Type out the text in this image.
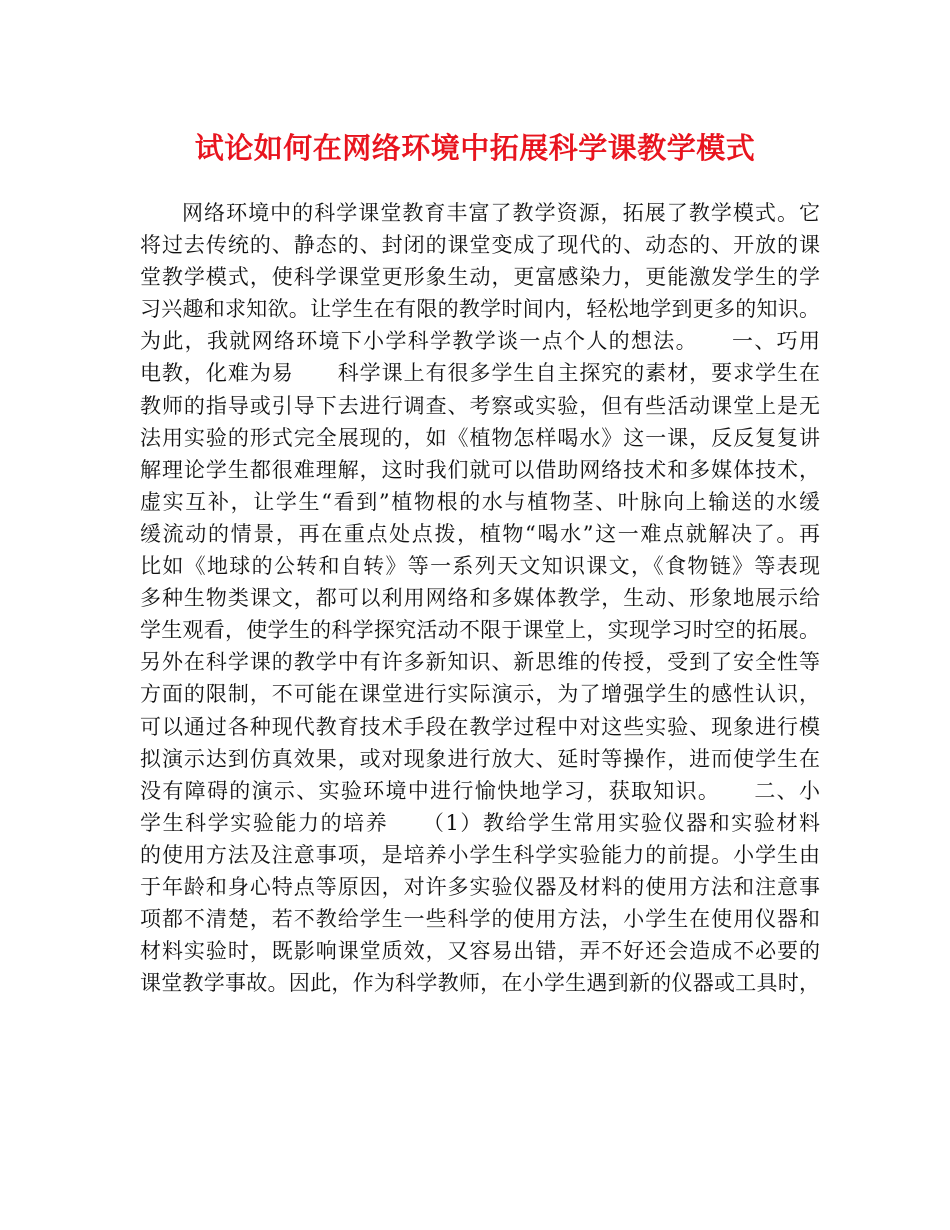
试论如何在网络环境中拓展科学课教学模式
网络环境中的科学课堂教育丰富了教学资源，拓展了教学模式。它
将过去传统的、静态的、封闭的课堂变成了现代的、动态的、开放的课
堂教学模式，使科学课堂更形象生动，更富感染力，更能激发学生的学
习兴趣和求知欲。让学生在有限的教学时间内，轻松地学到更多的知识。
为此，我就网络环境下小学科学教学谈一点个人的想法。　　一、巧用
电教，化难为易　　科学课上有很多学生自主探究的素材，要求学生在
教师的指导或引导下去进行调查、考察或实验，但有些活动课堂上是无
法用实验的形式完全展现的，如《植物怎样喝水》这一课，反反复复讲
解理论学生都很难理解，这时我们就可以借助网络技术和多媒体技术，
虚实互补，让学生“看到”植物根的水与植物茎、叶脉向上输送的水缓
缓流动的情景，再在重点处点拨，植物“喝水”这一难点就解决了。再
比如《地球的公转和自转》等一系列天文知识课文，《食物链》等表现
多种生物类课文，都可以利用网络和多媒体教学，生动、形象地展示给
学生观看，使学生的科学探究活动不限于课堂上，实现学习时空的拓展。
另外在科学课的教学中有许多新知识、新思维的传授，受到了安全性等
方面的限制，不可能在课堂进行实际演示，为了增强学生的感性认识，
可以通过各种现代教育技术手段在教学过程中对这些实验、现象进行模
拟演示达到仿真效果，或对现象进行放大、延时等操作，进而使学生在
没有障碍的演示、实验环境中进行愉快地学习，获取知识。　　二、小
学生科学实验能力的培养　　（1）教给学生常用实验仪器和实验材料
的使用方法及注意事项，是培养小学生科学实验能力的前提。小学生由
于年龄和身心特点等原因，对许多实验仪器及材料的使用方法和注意事
项都不清楚，若不教给学生一些科学的使用方法，小学生在使用仪器和
材料实验时，既影响课堂质效，又容易出错，弄不好还会造成不必要的
课堂教学事故。因此，作为科学教师，在小学生遇到新的仪器或工具时，
